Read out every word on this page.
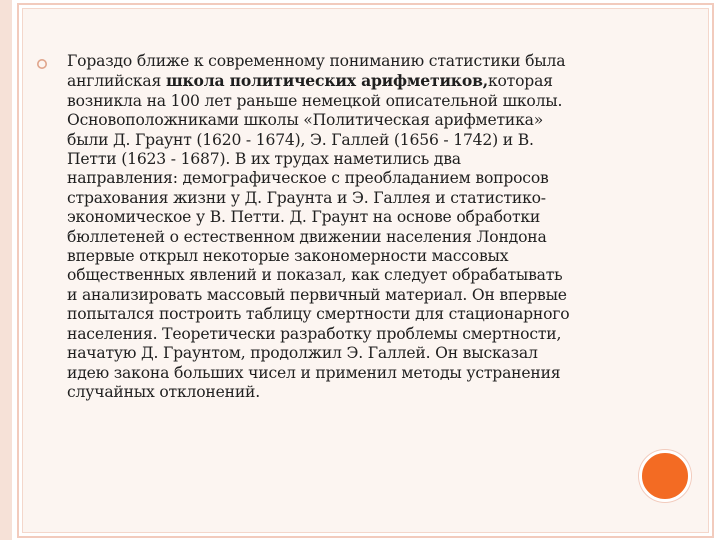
Гораздо ближе к современному пониманию статистики была
английская школа политических арифметиков,которая
возникла на 100 лет раньше немецкой описательной школы.
Основоположниками школы «Политическая арифметика»
были Д. Граунт (1620 - 1674), Э. Галлей (1656 - 1742) и В.
Петти (1623 - 1687). В их трудах наметились два
направления: демографическое с преобладанием вопросов
страхования жизни у Д. Граунта и Э. Галлея и статистико-
экономическое у В. Петти. Д. Граунт на основе обработки
бюллетеней о естественном движении населения Лондона
впервые открыл некоторые закономерности массовых
общественных явлений и показал, как следует обрабатывать
и анализировать массовый первичный материал. Он впервые
попытался построить таблицу смертности для стационарного
населения. Теоретически разработку проблемы смертности,
начатую Д. Граунтом, продолжил Э. Галлей. Он высказал
идею закона больших чисел и применил методы устранения
случайных отклонений.
